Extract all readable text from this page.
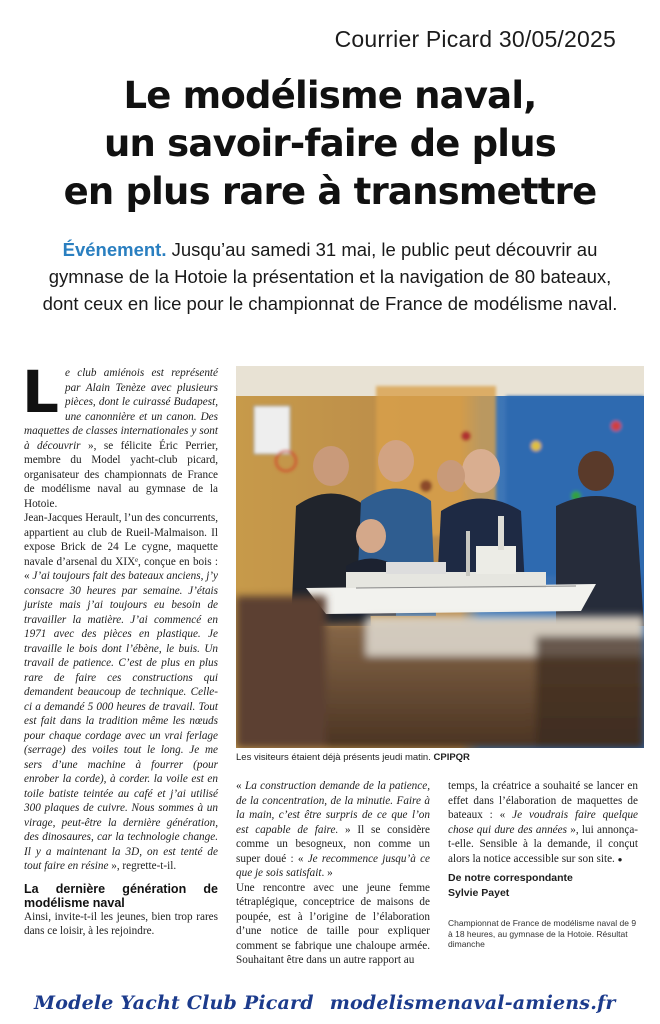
Courrier Picard 30/05/2025
Le modélisme naval,
un savoir-faire de plus
en plus rare à transmettre

Événement. Jusqu’au samedi 31 mai, le public peut découvrir au gymnase de la Hotoie la présentation et la navigation de 80 bateaux, dont ceux en lice pour le championnat de France de modélisme naval.

Le club amiénois est représenté par Alain Tenèze avec plusieurs pièces, dont le cuirassé Budapest, une canonnière et un canon. Des maquettes de classes internationales y sont à découvrir », se félicite Éric Perrier, membre du Model yacht-club picard, organisateur des championnats de France de modélisme naval au gymnase de la Hotoie.

Jean-Jacques Herault, l’un des concurrents, appartient au club de Rueil-Malmaison. Il expose Brick de 24 Le cygne, maquette navale d’arsenal du XIXᵉ, conçue en bois : « J’ai toujours fait des bateaux anciens, j’y consacre 30 heures par semaine. J’étais juriste mais j’ai toujours eu besoin de travailler la matière. J’ai commencé en 1971 avec des pièces en plastique. Je travaille le bois dont l’ébène, le buis. Un travail de patience. C’est de plus en plus rare de faire ces constructions qui demandent beaucoup de technique. Celle-ci a demandé 5 000 heures de travail. Tout est fait dans la tradition même les nœuds pour chaque cordage avec un vrai ferlage (serrage) des voiles tout le long. Je me sers d’une machine à fourrer (pour enrober la corde), à corder. la voile est en toile batiste teintée au café et j’ai utilisé 300 plaques de cuivre. Nous sommes à un virage, peut-être la dernière génération, des dinosaures, car la technologie change. Il y a maintenant la 3D, on est tenté de tout faire en résine », regrette-t-il.

La dernière génération de modélisme naval

Ainsi, invite-t-il les jeunes, bien trop rares dans ce loisir, à les rejoindre.

Les visiteurs étaient déjà présents jeudi matin. CPIPQR

« La construction demande de la patience, de la concentration, de la minutie. Faire à la main, c’est être surpris de ce que l’on est capable de faire. » Il se considère comme un besogneux, non comme un super doué : « Je recommence jusqu’à ce que je sois satisfait. »

Une rencontre avec une jeune femme tétraplégique, conceptrice de maisons de poupée, est à l’origine de l’élaboration d’une notice de taille pour expliquer comment se fabrique une chaloupe armée. Souhaitant être dans un autre rapport au

temps, la créatrice a souhaité se lancer en effet dans l’élaboration de maquettes de bateaux : « Je voudrais faire quelque chose qui dure des années », lui annonça-t-elle. Sensible à la demande, il conçut alors la notice accessible sur son site. ●

De notre correspondante
Sylvie Payet
Championnat de France de modélisme naval de 9 à 18 heures, au gymnase de la Hotoie. Résultat dimanche
Modele Yacht Club Picard modelismenaval-amiens.fr
